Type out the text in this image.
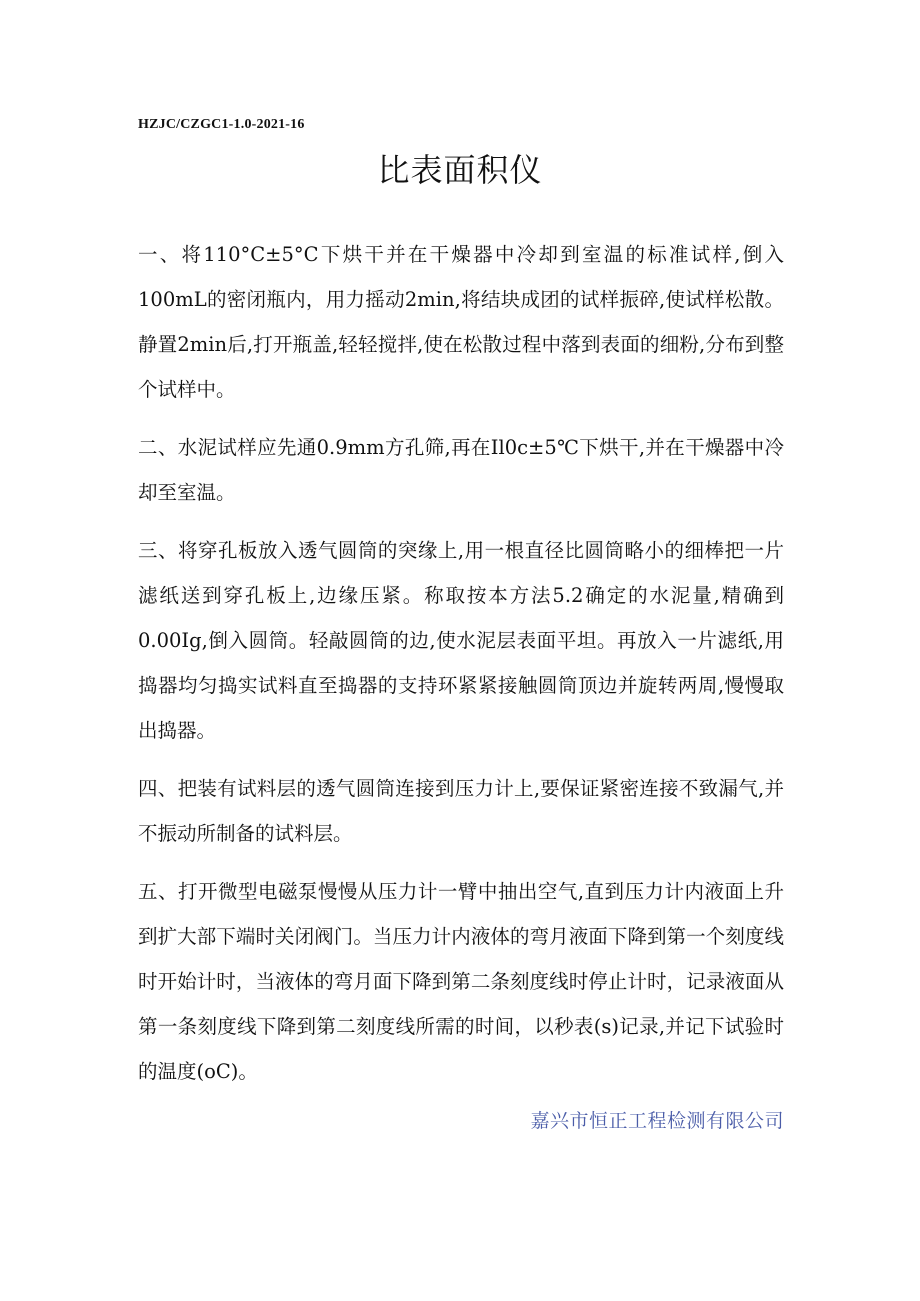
HZJC/CZGC1-1.0-2021-16
比表面积仪

一、将110°C±5°C下烘干并在干燥器中冷却到室温的标准试样,倒入100mL的密闭瓶内，用力摇动2min,将结块成团的试样振碎,使试样松散。静置2min后,打开瓶盖,轻轻搅拌,使在松散过程中落到表面的细粉,分布到整个试样中。

二、水泥试样应先通0.9mm方孔筛,再在Il0c±5℃下烘干,并在干燥器中冷却至室温。

三、将穿孔板放入透气圆筒的突缘上,用一根直径比圆筒略小的细棒把一片滤纸送到穿孔板上,边缘压紧。称取按本方法5.2确定的水泥量,精确到0.00Ig,倒入圆筒。轻敲圆筒的边,使水泥层表面平坦。再放入一片滤纸,用捣器均匀捣实试料直至捣器的支持环紧紧接触圆筒顶边并旋转两周,慢慢取出捣器。

四、把装有试料层的透气圆筒连接到压力计上,要保证紧密连接不致漏气,并不振动所制备的试料层。

五、打开微型电磁泵慢慢从压力计一臂中抽出空气,直到压力计内液面上升到扩大部下端时关闭阀门。当压力计内液体的弯月液面下降到第一个刻度线时开始计时，当液体的弯月面下降到第二条刻度线时停止计时，记录液面从第一条刻度线下降到第二刻度线所需的时间，以秒表(s)记录,并记下试验时的温度(oC)。

嘉兴市恒正工程检测有限公司
